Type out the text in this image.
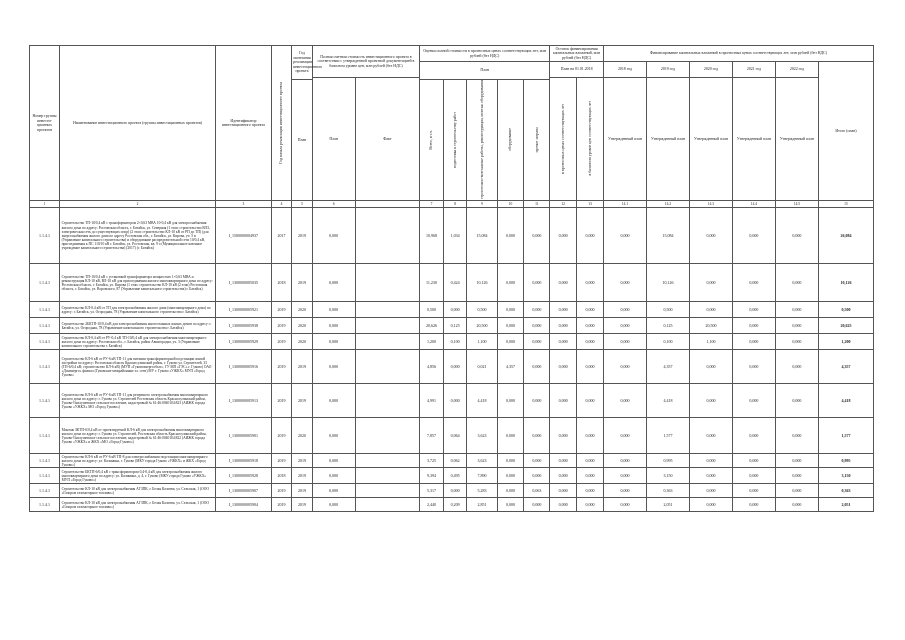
Номер группы инвести-ционных проектов	Наименование инвестиционного проекта (группы инвестиционных проектов)	Идентификатор инвестиционного проекта	Год начала реализации инвестиционного проекта	Год окончания реализации инвестиционного проекта	Полная сметная стоимость инвестиционного проекта в соответствии с утвержденной проектной документацией в базисном уровне цен, млн рублей (без НДС)		Оценка полной стоимости в прогнозных ценах соответствующих лет, млн рублей (без НДС)					Остаток финансирования капитальных вложений, млн рублей (без НДС)		Финансирование капитальных вложений в прогнозных ценах соответствующих лет, млн рублей (без НДС)					
							План					План на 01.01.2018		2018 год	2019 год	2020 год	2021 год	2022 год	Итого (план)
					План	Факт						в прогнозных ценах соответствующих лет	в базисном уровне цен соответствующих лет	Утвержденный план	Утвержденный план	Утвержденный план	Утвержденный план	Утвержденный план	
				План			Всего, в т.ч.	подготовка к строительству работ	строительно-монтажные работы, реконструкции, монтаж оборудования	оборудование	прочие затраты								
1	2	3	4	5	6		7	8	9	10	11	12	13	14.1	14.2	14.3	14.4	14.5	15
1.1.4.1	Строительство ТП-10/0,4 кВ с трансформатором 2×0,63 МВА 10-0,4 кВ для электроснабжения жилого дома по адресу: Ростовская область, г. Батайск, ул. Северная (1 этап: строительство ВЛЗ, электрическая сеть до существующих опор) (2 этап: строительство КЛ-10 кВ от РП до ТП) (для энергоснабжения жилого дома по адресу Ростовская обл., г. Батайск, ул. Кирова, уч. 5 в (Управление капитального строительства) и оборудование распределительной сети 10/0,4 кВ, присоединения к ПС 110/10 кВ г. Батайск, ул. Ростовская, кв. 9 о (Муниципальное казенное учреждение капитального строительства) (2017) (г. Батайск)	I_1500000004937	2017	2019	0,000		10,968	1,034	15,084	0,000	0,000	0,000	0,000	0,000	15,084	0,000	0,000	0,000	26,084
1.1.4.1	Строительство ТП-10/0,4 кВ с установкой трансформатора мощностью 1×0,63 МВА и реконструкция КЛ-10 кВ, ВЛ-10 кВ для присоединения жилого многоквартирного дома по адресу: Ростовская область, г. Батайск, ул. Кирова (1 этап: строительство КЛ-10 кВ (2 этап) Ростовская область, г. Батайск, ул. Воровского, 87 (Управление капитального строительства) г. Батайск)	I_1300000005035	2018	2019	0,000		11,230	0,424	10,126	0,000	0,000	0,000	0,000	0,000	10,126	0,000	0,000	0,000	10,126
1.1.4.1	Строительство КЛ-0,4 кВ от ТП для электроснабжения жилого дома (многоквартирного дома) по адресу: г. Батайск, ул. Огородная, 78 (Управление капитального строительства г. Батайск)	I_1300000005921	2019	2020	0,000		0,500	0,000	0,500	0,000	0,000	0,000	0,000	0,000	0,500	0,000	0,000	0,000	0,500
1.1.4.1	Строительство 2БКТП-10/0,4 кВ для электроснабжения многоэтажных жилых домов по адресу: г. Батайск, ул. Огородная, 78 (Управление капитального строительства г. Батайск)	I_1300000005938	2019	2020	0,000		20,626	0,125	20,500	0,000	0,000	0,000	0,000	0,000	0,125	20,500	0,000	0,000	20,625
1.1.4.1	Строительство КЛ-0,4 кВ от РУ-0,4 кВ ТП-10/0,4 кВ для электроснабжения многоквартирного жилого дома по адресу: Ростовская обл., г. Батайск, район Авиагородка, уч. 3 (Управление капитального строительства г. Батайск)	I_1300000005929	2019	2020	0,000		1,200	0,100	1,100	0,000	0,000	0,000	0,000	0,000	0,100	1,100	0,000	0,000	1,200
1.1.4.1	Строительство КЛ-6 кВ от РУ-6 кВ ТП-11 для питания трансформаторной подстанции жилой застройки по адресу: Ростовская область Красносулинский район, г. Гуково ул. Строителей, 33 (ТП-6/0,4 кВ; строительство КЛ-6 кВ) (МУП «Гуковоэнергосбыт», ГУ МП «ГЭС» г. Гуково) ОАО «Донэнерго» филиал (Гуковские межрайонные эл. сети) МУ г. Гуково «УЖКХ» МУП «Город Гуково»	I_1300000005916	2019	2019	0,000		4,856	0,000	0,021	4,357	0,000	0,000	0,000	0,000	4,357	0,000	0,000	0,000	4,357
1.1.4.1	Строительство КЛ-6 кВ от РУ-6 кВ ТП-11 для резервного электроснабжения многоквартирного жилого дома по адресу: г. Гуково ул. Строителей Ростовская область Красносулинский район, Гуково-Гнилушевское сельское поселение, кадастровый № 61:46:0040104:823 (АИЖК города Гуково «УЖКХ» МО «Город Гуково»)	I_1300000005913	2019	2019	0,000		4,991	0,000	4,418	0,000	0,000	0,000	0,000	0,000	4,418	0,000	0,000	0,000	4,418
1.1.4.1	Монтаж ЗКТП-6/0,4 кВ от проектируемой КЛ-6 кВ для электроснабжения многоквартирного жилого дома по адресу: г. Гуково ул. Строителей, Ростовская область Красносулинский район, Гуково-Гнилушевское сельское поселение, кадастровый № 61:46:0040104:822 (АИЖК города Гуково «УЖКХ» и ЖКХ «МО «Город Гуково»)	I_1300000005901	2019	2020	0,000		7,857	0,064	3,623	0,000	0,000	0,000	0,000	0,000	1,577	0,000	0,000	0,000	1,577
1.1.4.1	Строительство КЛ-6 кВ от РУ-6 кВ ТП-8 для электроснабжения подстанции многоквартирного жилого дома по адресу: ул. Калинина, г. Гуково (МКУ города Гуково «УЖКХ» и ЖКХ «Город Гуково»)	I_1300000005918	2019	2019	0,000		3,725	0,062	3,623	0,000	0,000	0,000	0,000	0,000	0,995	0,000	0,000	0,000	0,995
1.1.4.1	Строительство БКТП-6/0,4 кВ с трансформатором 0,4-0,4 кВ для электроснабжения жилого многоквартирного дома по адресу: ул. Калинина, д. 4, г. Гуково (МКУ города Гуково «УЖКХ» МУП «Город Гуково»)	I_1300000005928	2018	2019	0,000		9,394	0,495	7,890	0,000	0,000	0,000	0,000	0,000	3,150	0,000	0,000	0,000	3,150
1.1.4.1	Строительство КЛ-10 кВ для электроснабжения АГЗПК, г. Белая Калитва, ул. Сельская, 1 (ООО «Газпром газомоторное топливо»)	I_1300000005907	2019	2019	0,000		5,317	0,000	5,283	0,000	0,063	0,000	0,000	0,000	0,363	0,000	0,000	0,000	0,363
1.1.4.1	Строительство КЛ-10 кВ для электроснабжения АГЗПК, г. Белая Калитва, ул. Сельская, 1 (ООО «Газпром газомоторное топливо»)	I_1300000005904	2019	2019	0,000		2,440	0,209	2,851	0,000	0,000	0,000	0,000	0,000	2,051	0,000	0,000	0,000	2,051
